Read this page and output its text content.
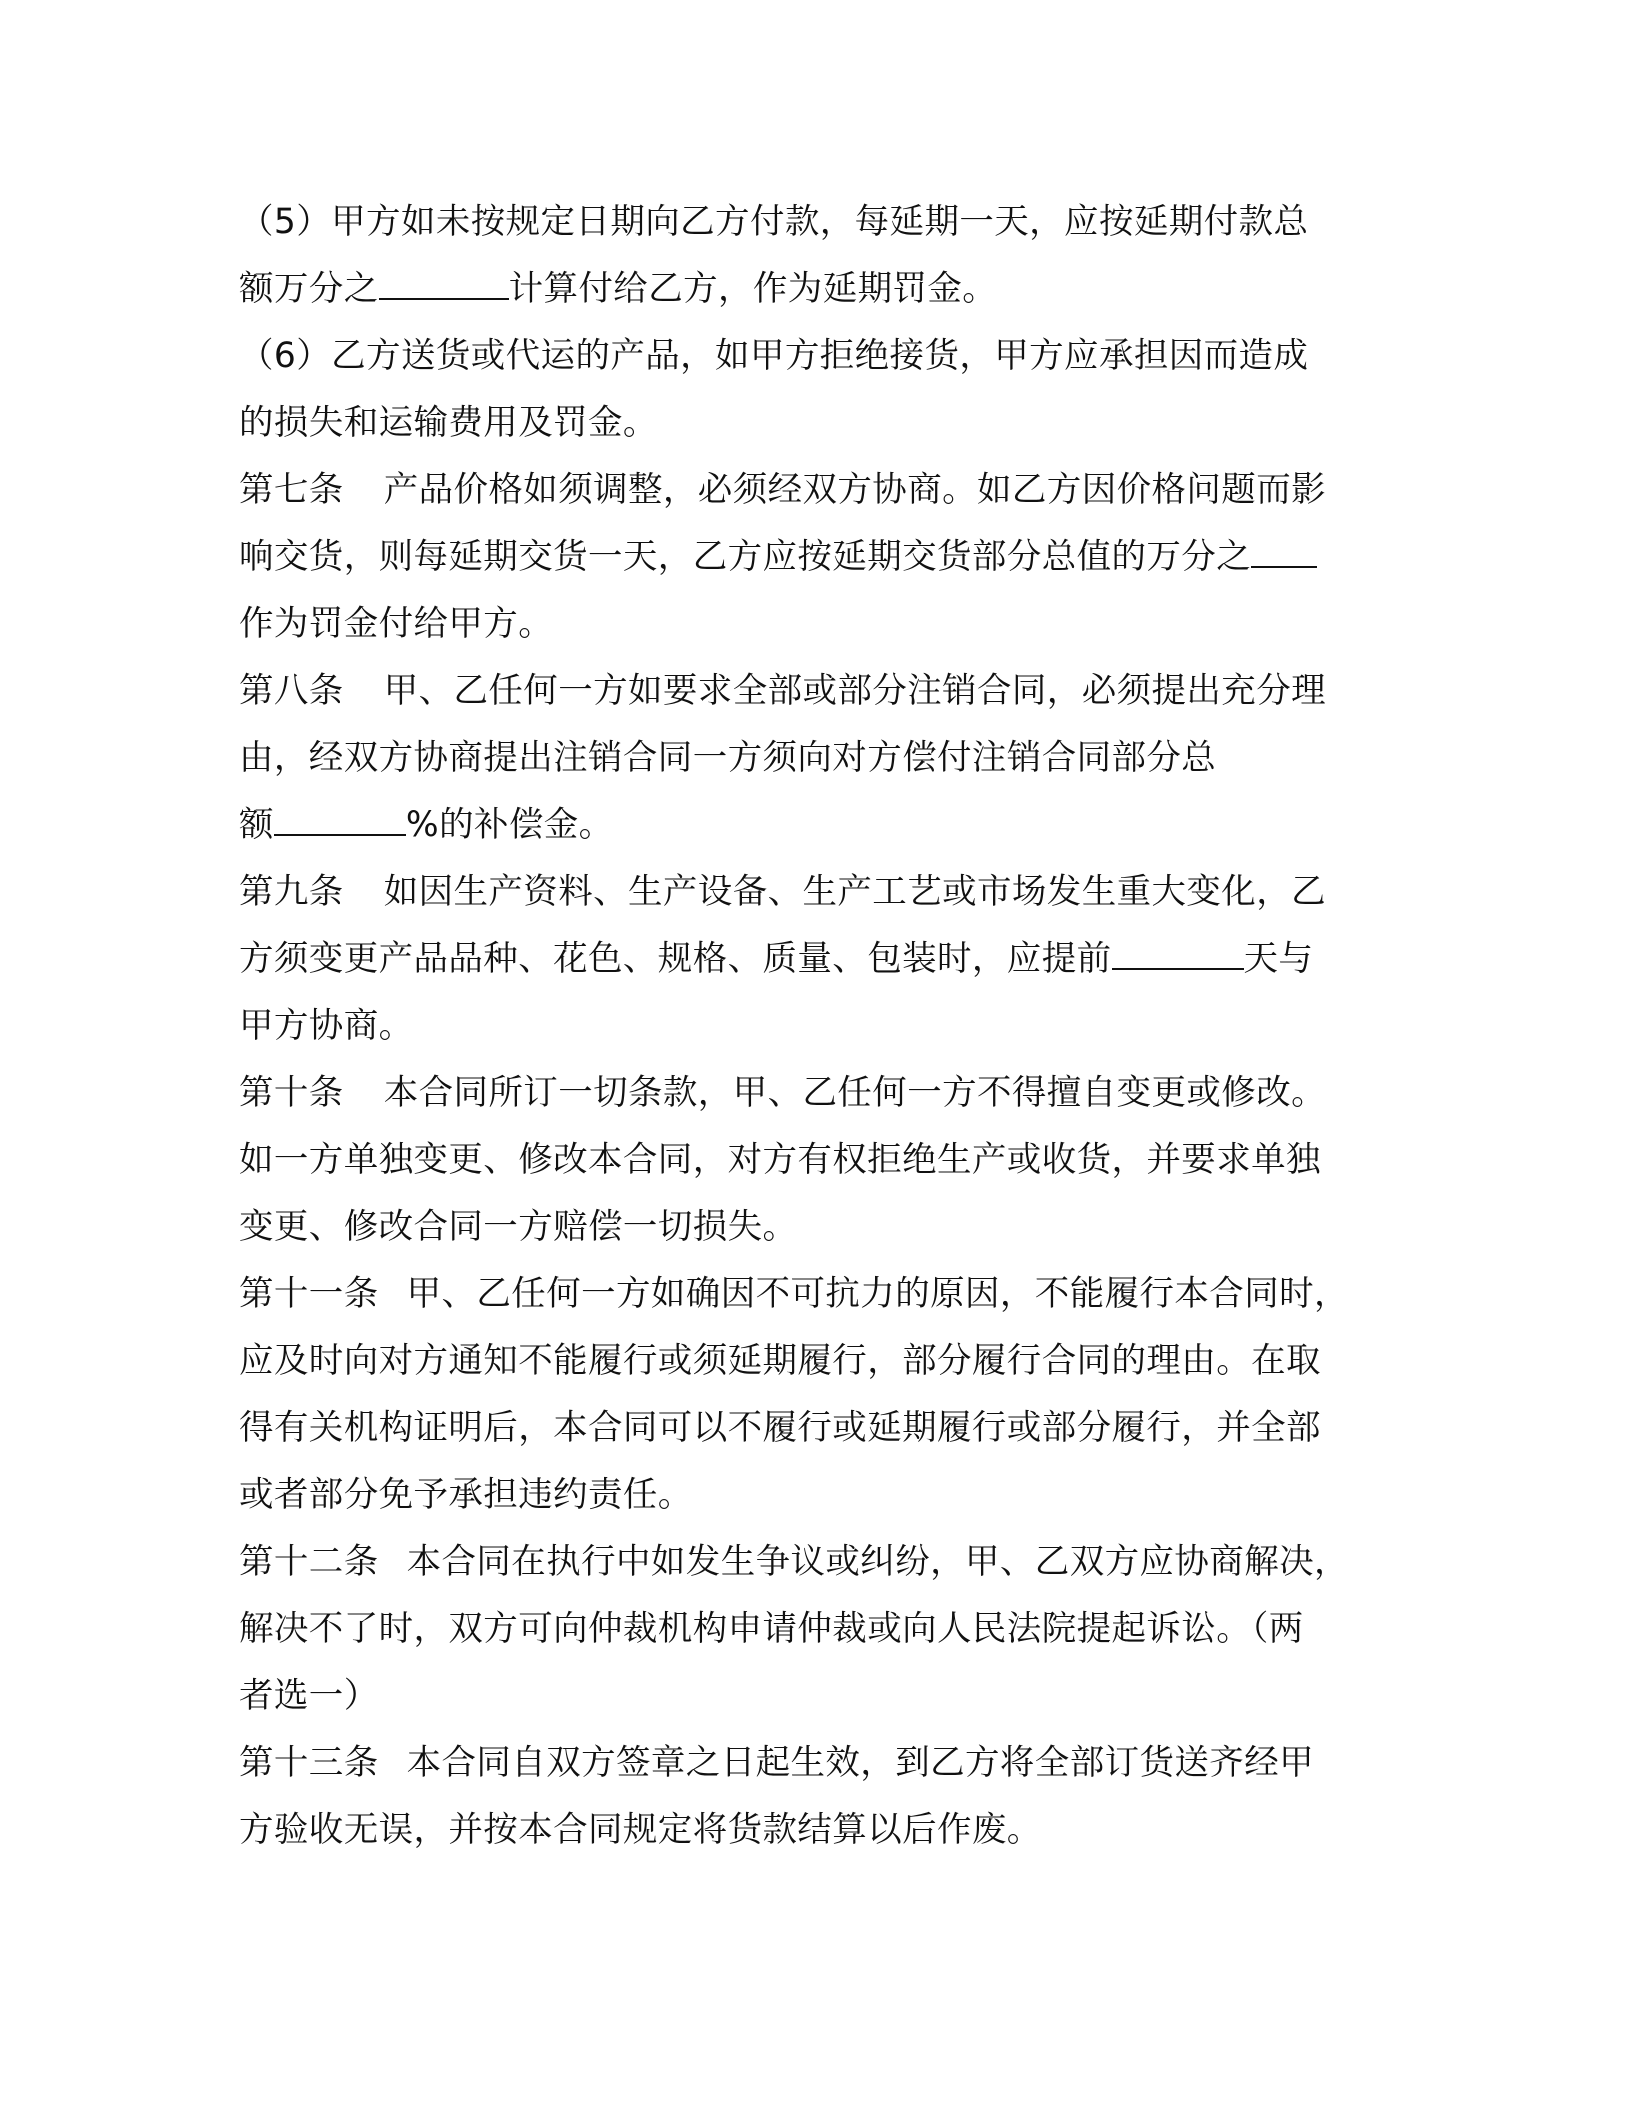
（5）甲方如未按规定日期向乙方付款，每延期一天，应按延期付款总
额万分之	计算付给乙方，作为延期罚金。
（6）乙方送货或代运的产品，如甲方拒绝接货，甲方应承担因而造成
的损失和运输费用及罚金。
第七条 产品价格如须调整，必须经双方协商。如乙方因价格问题而影
响交货，则每延期交货一天，乙方应按延期交货部分总值的万分之
作为罚金付给甲方。
第八条 甲、乙任何一方如要求全部或部分注销合同，必须提出充分理
由，经双方协商提出注销合同一方须向对方偿付注销合同部分总
额	%的补偿金。
第九条 如因生产资料、生产设备、生产工艺或市场发生重大变化，乙
方须变更产品品种、花色、规格、质量、包装时，应提前	天与
甲方协商。
第十条 本合同所订一切条款，甲、乙任何一方不得擅自变更或修改。
如一方单独变更、修改本合同，对方有权拒绝生产或收货，并要求单独
变更、修改合同一方赔偿一切损失。
第十一条 甲、乙任何一方如确因不可抗力的原因，不能履行本合同时，
应及时向对方通知不能履行或须延期履行，部分履行合同的理由。在取
得有关机构证明后，本合同可以不履行或延期履行或部分履行，并全部
或者部分免予承担违约责任。
第十二条 本合同在执行中如发生争议或纠纷，甲、乙双方应协商解决，
解决不了时，双方可向仲裁机构申请仲裁或向人民法院提起诉讼。（两
者选一）
第十三条 本合同自双方签章之日起生效，到乙方将全部订货送齐经甲
方验收无误，并按本合同规定将货款结算以后作废。
